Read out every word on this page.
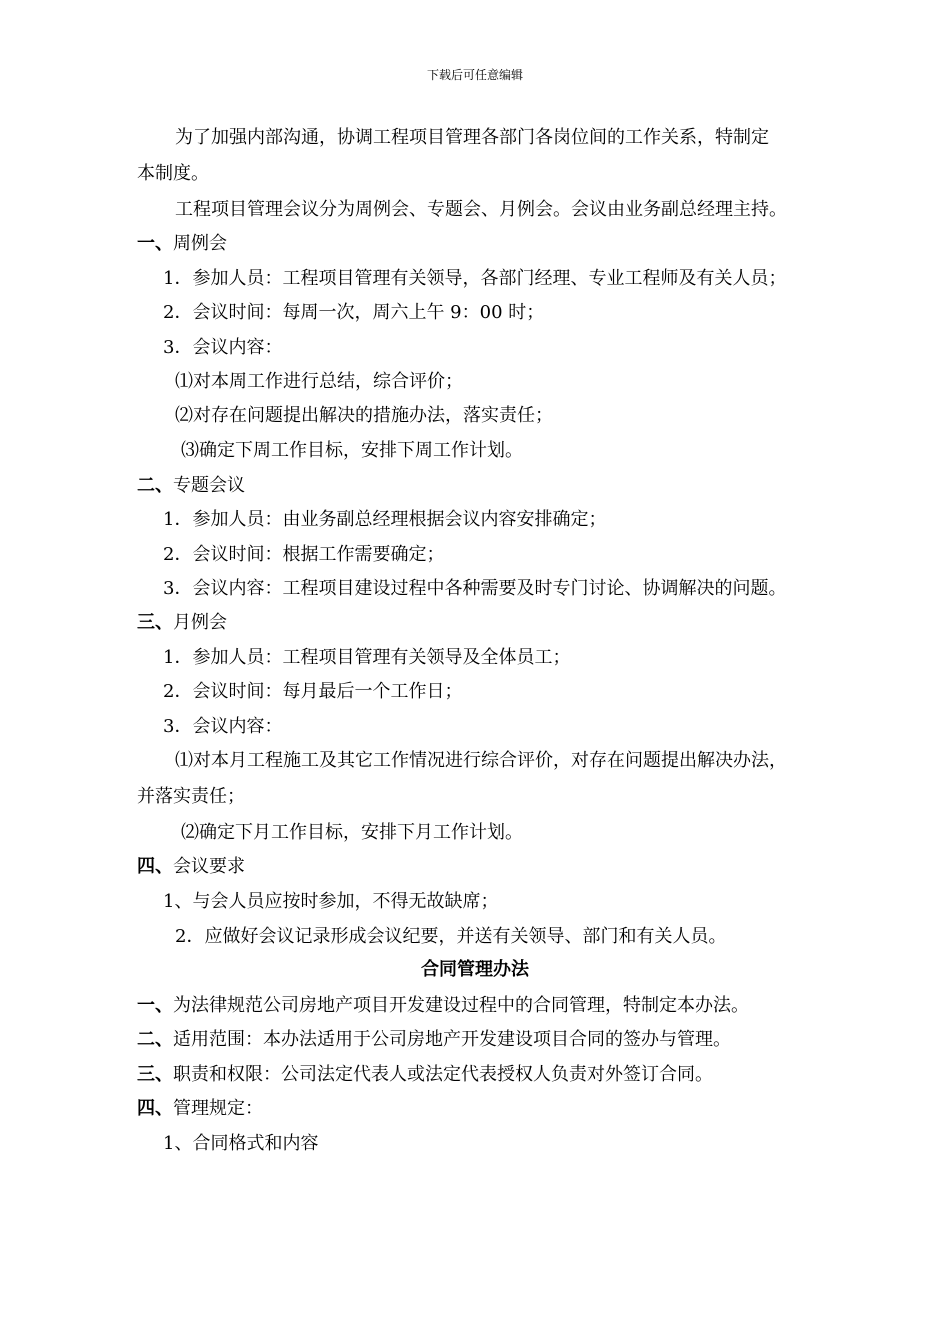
下载后可任意编辑
为了加强内部沟通，协调工程项目管理各部门各岗位间的工作关系，特制定
本制度。
工程项目管理会议分为周例会、专题会、月例会。会议由业务副总经理主持。
一、周例会
1．参加人员：工程项目管理有关领导，各部门经理、专业工程师及有关人员；
2．会议时间：每周一次，周六上午 9：00 时；
3．会议内容：
⑴对本周工作进行总结，综合评价；
⑵对存在问题提出解决的措施办法，落实责任；
⑶确定下周工作目标，安排下周工作计划。
二、专题会议
1．参加人员：由业务副总经理根据会议内容安排确定；
2．会议时间：根据工作需要确定；
3．会议内容：工程项目建设过程中各种需要及时专门讨论、协调解决的问题。
三、月例会
1．参加人员：工程项目管理有关领导及全体员工；
2．会议时间：每月最后一个工作日；
3．会议内容：
⑴对本月工程施工及其它工作情况进行综合评价，对存在问题提出解决办法，
并落实责任；
⑵确定下月工作目标，安排下月工作计划。
四、会议要求
1、与会人员应按时参加，不得无故缺席；
2．应做好会议记录形成会议纪要，并送有关领导、部门和有关人员。
一、为法律规范公司房地产项目开发建设过程中的合同管理，特制定本办法。
二、适用范围：本办法适用于公司房地产开发建设项目合同的签办与管理。
三、职责和权限：公司法定代表人或法定代表授权人负责对外签订合同。
四、管理规定：
1、合同格式和内容
合同管理办法
